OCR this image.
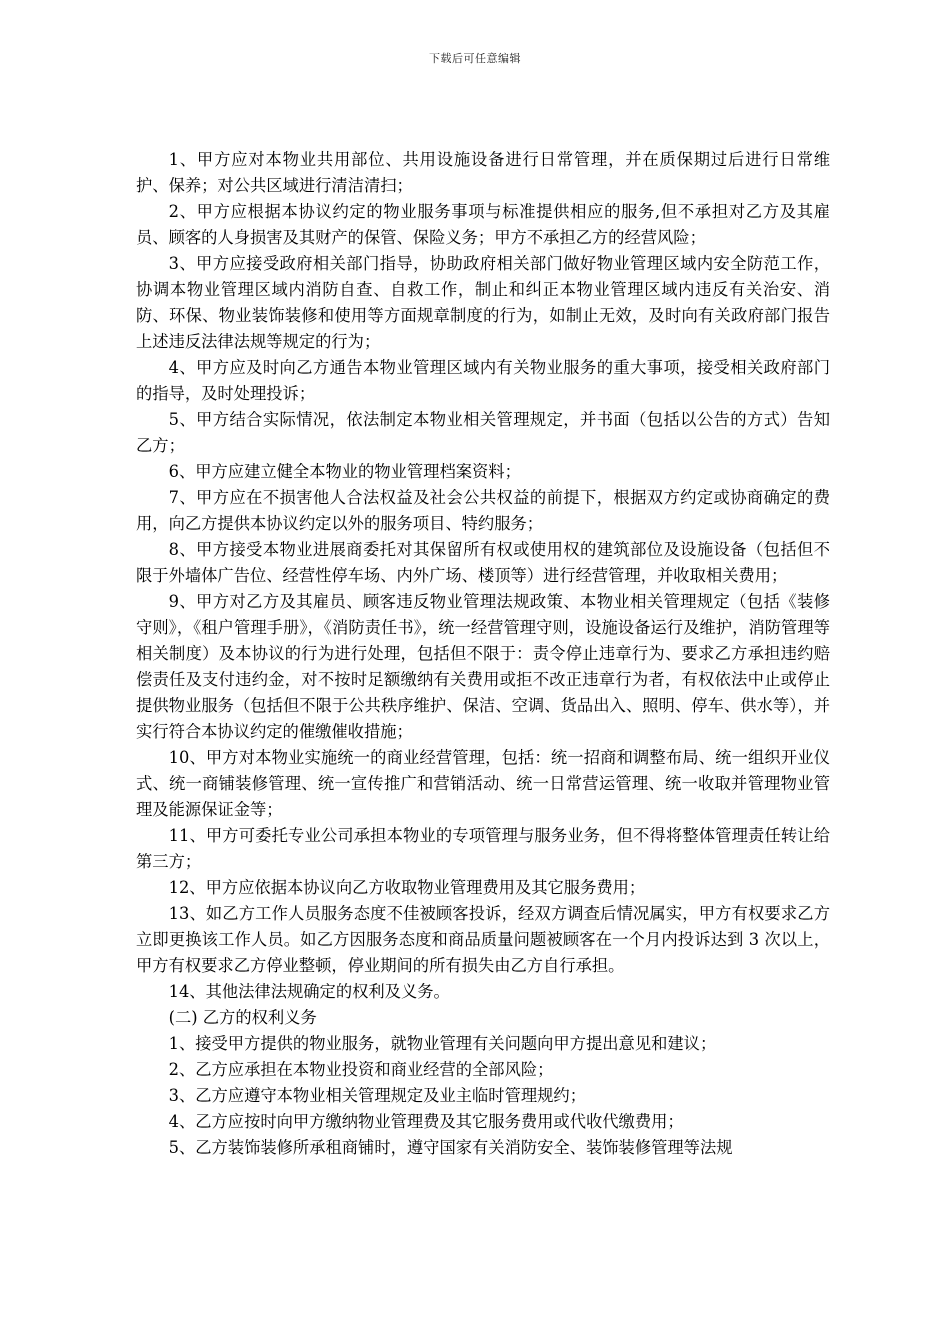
下载后可任意编辑

1、甲方应对本物业共用部位、共用设施设备进行日常管理，并在质保期过后进行日常维护、保养；对公共区域进行清洁清扫；

2、甲方应根据本协议约定的物业服务事项与标准提供相应的服务,但不承担对乙方及其雇员、顾客的人身损害及其财产的保管、保险义务；甲方不承担乙方的经营风险；

3、甲方应接受政府相关部门指导，协助政府相关部门做好物业管理区域内安全防范工作，协调本物业管理区域内消防自查、自救工作，制止和纠正本物业管理区域内违反有关治安、消防、环保、物业装饰装修和使用等方面规章制度的行为，如制止无效，及时向有关政府部门报告上述违反法律法规等规定的行为；

4、甲方应及时向乙方通告本物业管理区域内有关物业服务的重大事项，接受相关政府部门的指导，及时处理投诉；

5、甲方结合实际情况，依法制定本物业相关管理规定，并书面（包括以公告的方式）告知乙方；

6、甲方应建立健全本物业的物业管理档案资料；

7、甲方应在不损害他人合法权益及社会公共权益的前提下，根据双方约定或协商确定的费用，向乙方提供本协议约定以外的服务项目、特约服务；

8、甲方接受本物业进展商委托对其保留所有权或使用权的建筑部位及设施设备（包括但不限于外墙体广告位、经营性停车场、内外广场、楼顶等）进行经营管理，并收取相关费用；

9、甲方对乙方及其雇员、顾客违反物业管理法规政策、本物业相关管理规定（包括《装修守则》，《租户管理手册》，《消防责任书》，统一经营管理守则，设施设备运行及维护，消防管理等相关制度）及本协议的行为进行处理，包括但不限于：责令停止违章行为、要求乙方承担违约赔偿责任及支付违约金，对不按时足额缴纳有关费用或拒不改正违章行为者，有权依法中止或停止提供物业服务（包括但不限于公共秩序维护、保洁、空调、货品出入、照明、停车、供水等），并实行符合本协议约定的催缴催收措施；

10、甲方对本物业实施统一的商业经营管理，包括：统一招商和调整布局、统一组织开业仪式、统一商铺装修管理、统一宣传推广和营销活动、统一日常营运管理、统一收取并管理物业管理及能源保证金等；

11、甲方可委托专业公司承担本物业的专项管理与服务业务，但不得将整体管理责任转让给第三方；

12、甲方应依据本协议向乙方收取物业管理费用及其它服务费用；

13、如乙方工作人员服务态度不佳被顾客投诉，经双方调查后情况属实，甲方有权要求乙方立即更换该工作人员。如乙方因服务态度和商品质量问题被顾客在一个月内投诉达到 3 次以上，甲方有权要求乙方停业整顿，停业期间的所有损失由乙方自行承担。

14、其他法律法规确定的权利及义务。

(二) 乙方的权利义务

1、接受甲方提供的物业服务，就物业管理有关问题向甲方提出意见和建议；

2、乙方应承担在本物业投资和商业经营的全部风险；

3、乙方应遵守本物业相关管理规定及业主临时管理规约；

4、乙方应按时向甲方缴纳物业管理费及其它服务费用或代收代缴费用；

5、乙方装饰装修所承租商铺时，遵守国家有关消防安全、装饰装修管理等法规
